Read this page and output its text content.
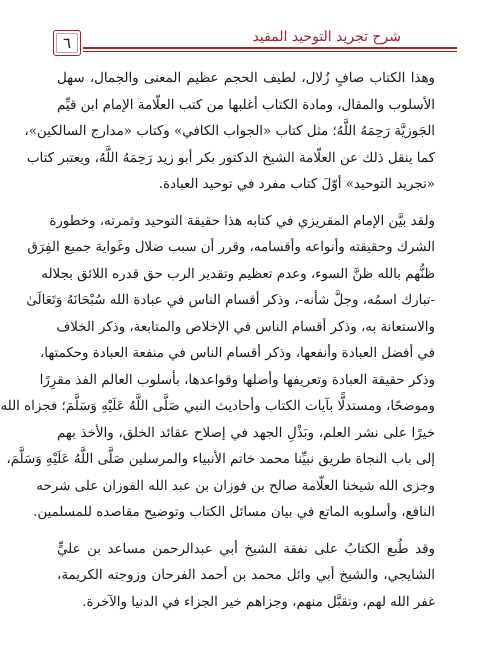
٦	شرح تجريد التوحيد المفيد

وهذا الكتاب صافٍ زُلال، لطيف الحجم عظيم المعنى والجمال، سهل
الأسلوب والمقال، ومادة الكتاب أغلبها من كتب العلّامة الإمام ابن قيِّم
الجَوزيَّة رَحِمَهُ اللَّهُ؛ مثل كتاب «الجواب الكافي» وكتاب «مدارج السالكين»،
كما ينقل ذلك عن العلّامة الشيخ الدكتور بكر أبو زيد رَحِمَهُ اللَّهُ، ويعتبر كتاب
«تجريد التوحيد» أوّلَ كتاب مفرد في توحيد العبادة.

ولقد بيَّن الإمام المقريزي في كتابه هذا حقيقة التوحيد وثمرته، وخطورة
الشرك وحقيقته وأنواعه وأقسامه، وقرر أن سبب ضلال وغَواية جميع الفِرَق
ظنُّهم بالله ظنَّ السوء، وعدم تعظيم وتقدير الرب حق قدره اللائق بجلاله
-تبارك اسمُه، وجلَّ شأنه-، وذكر أقسام الناس في عبادة الله سُبْحَانَهُ وَتَعَالَىٰ
والاستعانة به، وذكر أقسام الناس في الإخلاص والمتابعة، وذكر الخلاف
في أفضل العبادة وأنفعها، وذكر أقسام الناس في منفعة العبادة وحكمتها،
وذكر حقيقة العبادة وتعريفها وأصلها وقواعدها، بأسلوب العالم الفذ مقرِرًا
وموضحًا، ومستدلًّا بآيات الكتاب وأحاديث النبي صَلَّى اللَّهُ عَلَيْهِ وَسَلَّمَ؛ فجزاه الله
خيرًا على نشر العلم، وبَذْلِ الجهد في إصلاح عقائد الخلق، والأخذ بهم
إلى باب النجاة طريق نبيِّنا محمد خاتم الأنبياء والمرسلين صَلَّى اللَّهُ عَلَيْهِ وَسَلَّمَ،
وجزى الله شيخنا العلّامة صالح بن فوزان بن عبد الله الفوزان على شرحه
النافع، وأسلوبه الماتع في بيان مسائل الكتاب وتوضيح مقاصده للمسلمين.

وقد طُبع الكتابُ على نفقة الشيخ أبي عبدالرحمن مساعد بن عليٍّ
الشايجي، والشيخ أبي وائل محمد بن أحمد الفرحان وزوجته الكريمة،
غفر الله لهم، وتقبَّل منهم، وجزاهم خير الجزاء في الدنيا والآخرة.
